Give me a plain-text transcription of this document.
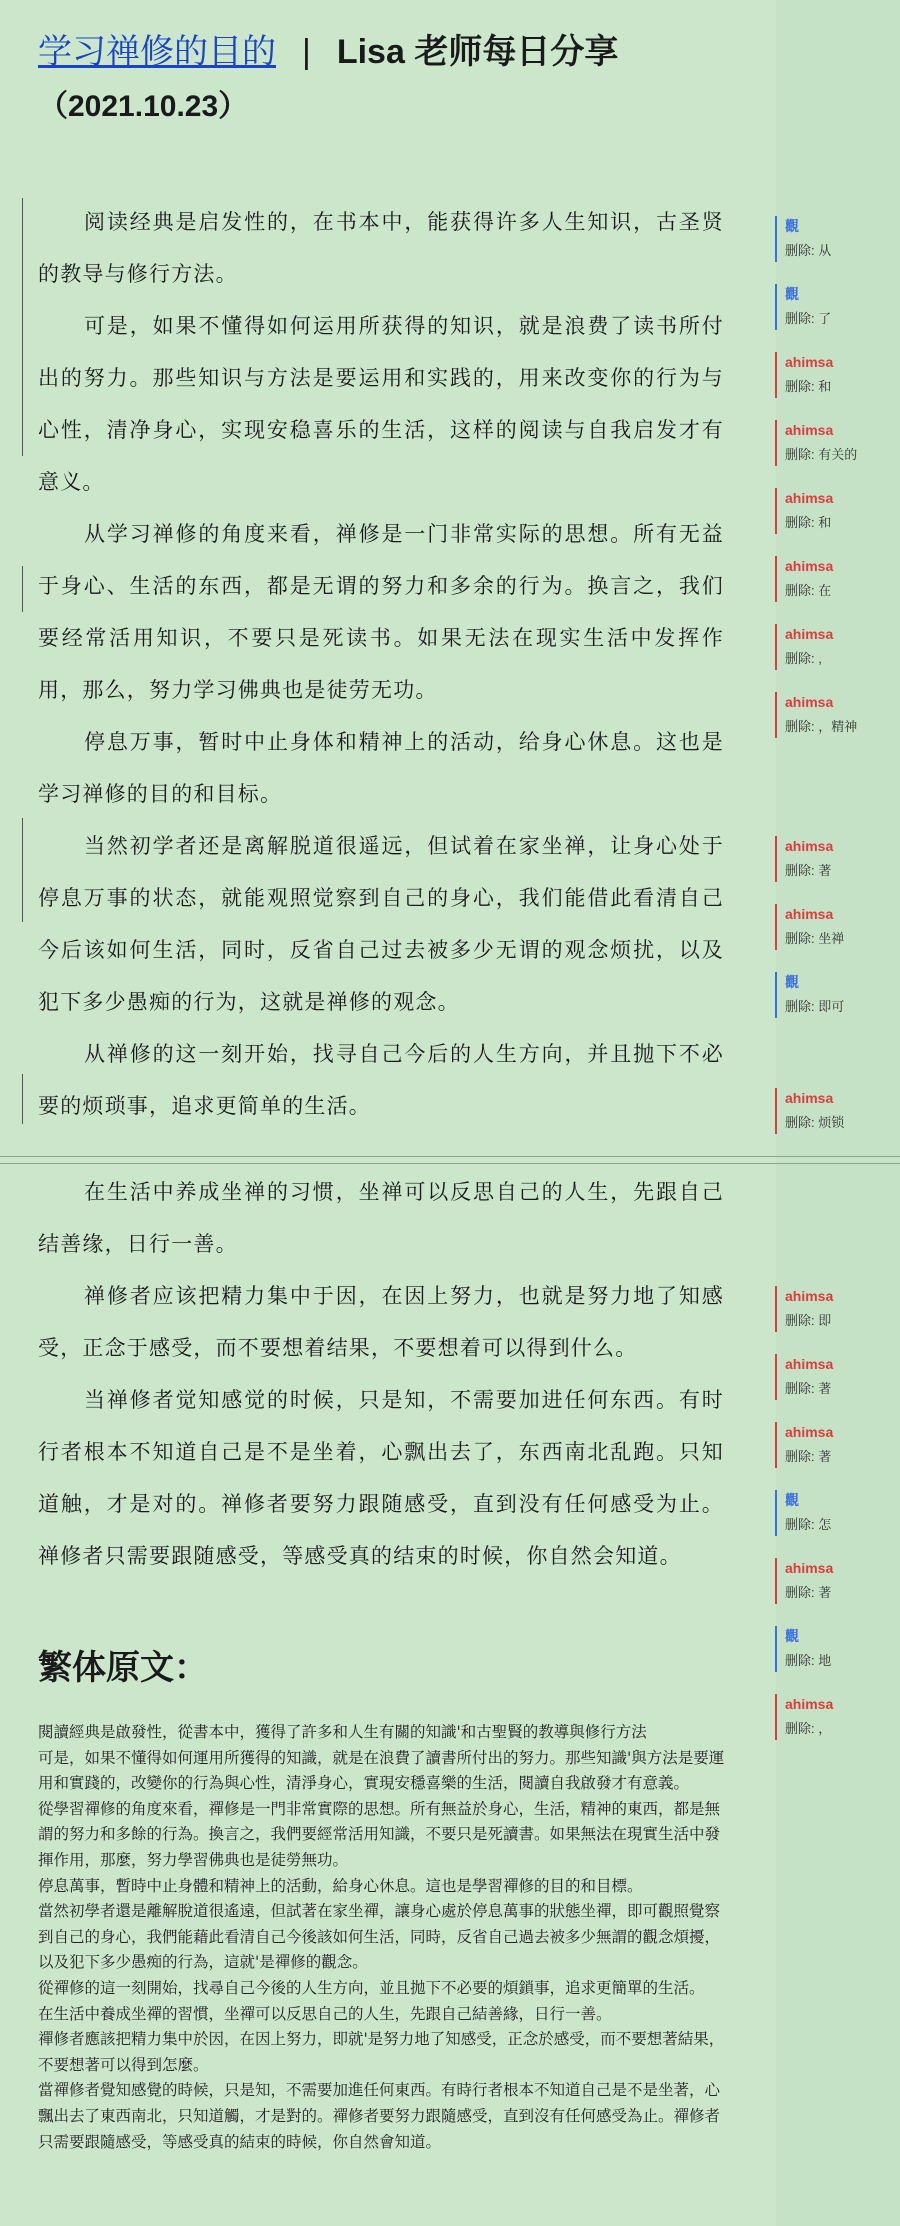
学习禅修的目的 | Lisa 老师每日分享
（2021.10.23）

阅读经典是启发性的，在书本中，能获得许多人生知识，古圣贤的教导与修行方法。

可是，如果不懂得如何运用所获得的知识，就是浪费了读书所付出的努力。那些知识与方法是要运用和实践的，用来改变你的行为与心性，清净身心，实现安稳喜乐的生活，这样的阅读与自我启发才有意义。

从学习禅修的角度来看，禅修是一门非常实际的思想。所有无益于身心、生活的东西，都是无谓的努力和多余的行为。换言之，我们要经常活用知识，不要只是死读书。如果无法在现实生活中发挥作用，那么，努力学习佛典也是徒劳无功。

停息万事，暂时中止身体和精神上的活动，给身心休息。这也是学习禅修的目的和目标。

当然初学者还是离解脱道很遥远，但试着在家坐禅，让身心处于停息万事的状态，就能观照觉察到自己的身心，我们能借此看清自己今后该如何生活，同时，反省自己过去被多少无谓的观念烦扰，以及犯下多少愚痴的行为，这就是禅修的观念。

从禅修的这一刻开始，找寻自己今后的人生方向，并且抛下不必要的烦琐事，追求更简单的生活。

在生活中养成坐禅的习惯，坐禅可以反思自己的人生，先跟自己结善缘，日行一善。

禅修者应该把精力集中于因，在因上努力，也就是努力地了知感受，正念于感受，而不要想着结果，不要想着可以得到什么。

当禅修者觉知感觉的时候，只是知，不需要加进任何东西。有时行者根本不知道自己是不是坐着，心飘出去了，东西南北乱跑。只知道触，才是对的。禅修者要努力跟随感受，直到没有任何感受为止。禅修者只需要跟随感受，等感受真的结束的时候，你自然会知道。

繁体原文：

閱讀經典是啟發性，從書本中，獲得了許多和人生有關的知識'和古聖賢的教導與修行方法

可是，如果不懂得如何運用所獲得的知識，就是在浪費了讀書所付出的努力。那些知識'與方法是要運用和實踐的，改變你的行為與心性，清淨身心，實現安穩喜樂的生活，閱讀自我啟發才有意義。

從學習禪修的角度來看，禪修是一門非常實際的思想。所有無益於身心，生活，精神的東西，都是無謂的努力和多餘的行為。換言之，我們要經常活用知識，不要只是死讀書。如果無法在現實生活中發揮作用，那麼，努力學習佛典也是徒勞無功。

停息萬事，暫時中止身體和精神上的活動，給身心休息。這也是學習禪修的目的和目標。

當然初學者還是離解脫道很遙遠，但試著在家坐禪，讓身心處於停息萬事的狀態坐禪，即可觀照覺察到自己的身心，我們能藉此看清自己今後該如何生活，同時，反省自己過去被多少無謂的觀念煩擾，以及犯下多少愚痴的行為，這就'是禪修的觀念。

從禪修的這一刻開始，找尋自己今後的人生方向，並且拋下不必要的煩鎖事，追求更簡單的生活。

在生活中養成坐禪的習慣，坐禪可以反思自己的人生，先跟自己結善緣，日行一善。

禪修者應該把精力集中於因，在因上努力，即就'是努力地了知感受，正念於感受，而不要想著結果，不要想著可以得到怎麼。

當禪修者覺知感覺的時候，只是知，不需要加進任何東西。有時行者根本不知道自己是不是坐著，心飄出去了東西南北，只知道觸，才是對的。禪修者要努力跟隨感受，直到沒有任何感受為止。禪修者只需要跟隨感受，等感受真的結束的時候，你自然會知道。

觀
删除: 从
觀
删除: 了
ahimsa
删除: 和
ahimsa
删除: 有关的
ahimsa
删除: 和
ahimsa
删除: 在
ahimsa
删除: ,
ahimsa
删除: ，精神
ahimsa
删除: 著
ahimsa
删除: 坐禅
觀
删除: 即可
ahimsa
删除: 烦锁
ahimsa
删除: 即
ahimsa
删除: 著
ahimsa
删除: 著
觀
删除: 怎
ahimsa
删除: 著
觀
删除: 地
ahimsa
删除: ，
